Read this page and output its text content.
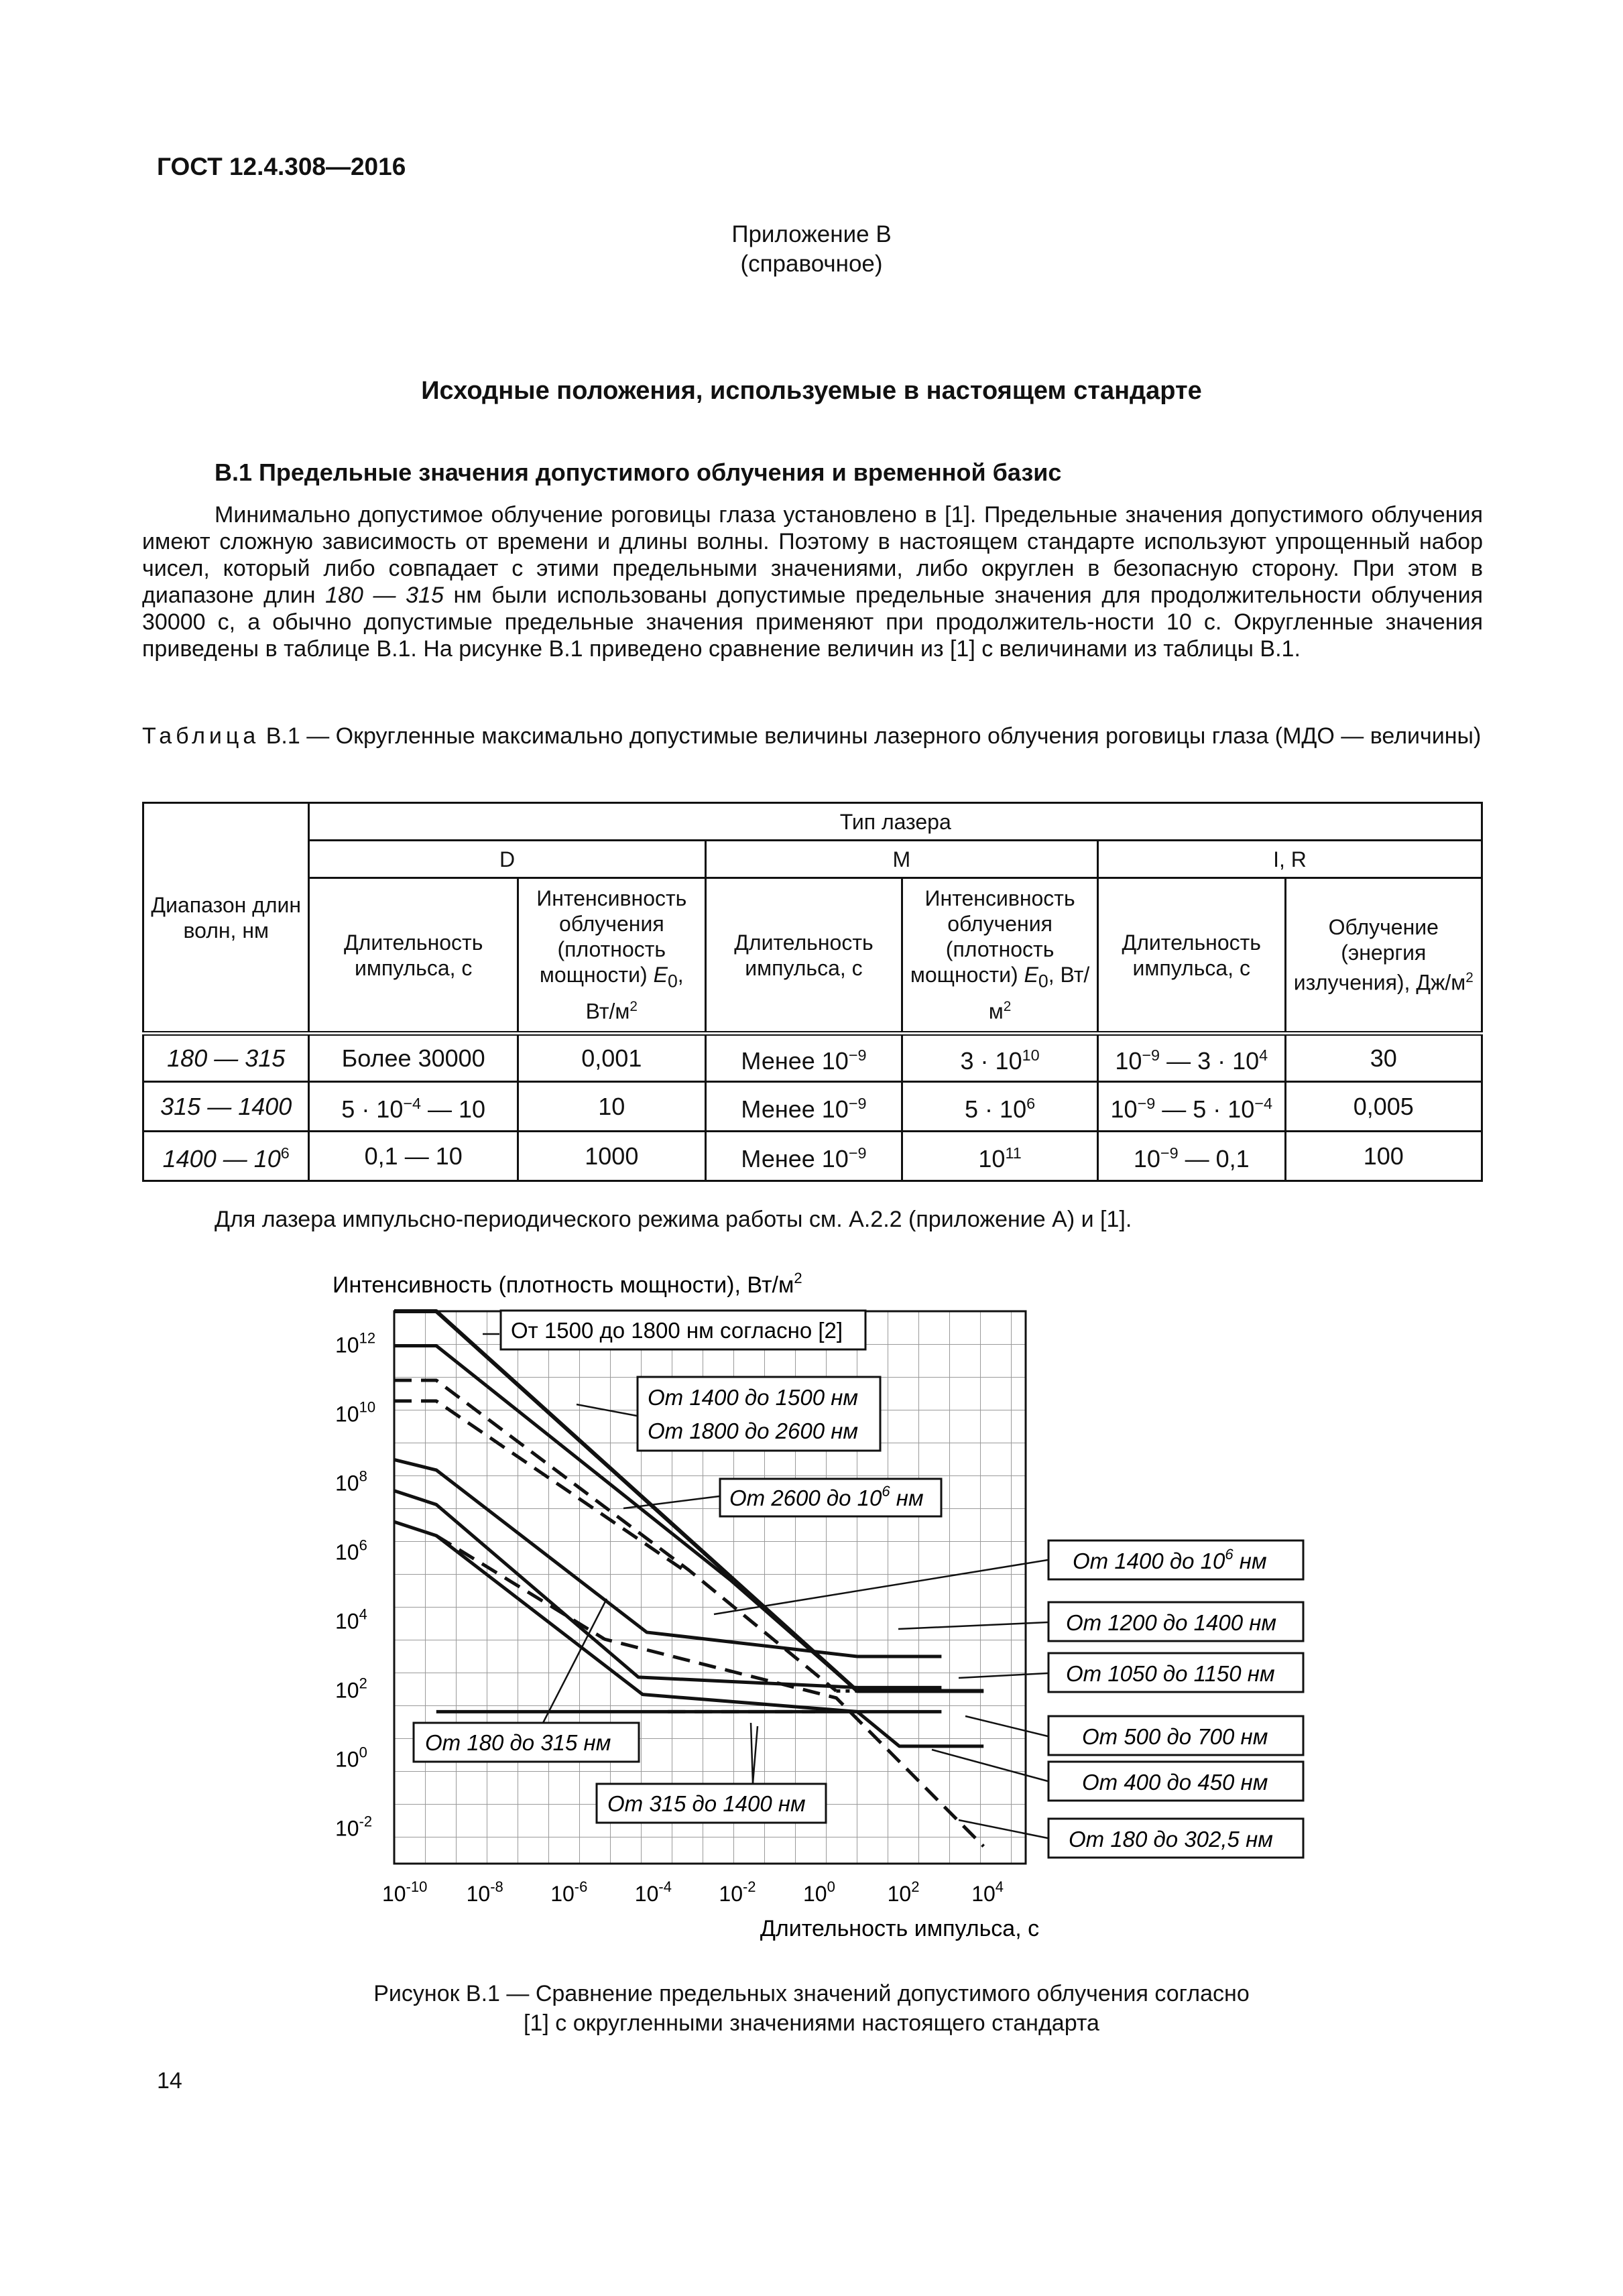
ГОСТ 12.4.308—2016
Приложение В
(справочное)
Исходные положения, используемые в настоящем стандарте
В.1 Предельные значения допустимого облучения и временной базис
Минимально допустимое облучение роговицы глаза установлено в [1]. Предельные значения допустимого облучения имеют сложную зависимость от времени и длины волны. Поэтому в настоящем стандарте используют упрощенный набор чисел, который либо совпадает с этими предельными значениями, либо округлен в безопасную сторону. При этом в диапазоне длин 180 — 315 нм были использованы допустимые предельные значения для продолжительности облучения 30000 с, а обычно допустимые предельные значения применяют при продолжитель-ности 10 с. Округленные значения приведены в таблице В.1. На рисунке В.1 приведено сравнение величин из [1] с величинами из таблицы В.1.
Таблица В.1 — Округленные максимально допустимые величины лазерного облучения роговицы глаза (МДО — величины)
Диапазон длин волн, нм	Тип лазера					
	D		M		I, R	
	Длительность импульса, с	Интенсивность облучения (плотность мощности) $E_0$, $Вт/м^2$	Длительность импульса, с	Интенсивность облучения (плотность мощности) $E_0$, $Вт/м^2$	Длительность импульса, с	Облучение (энергия излучения), $Дж/м^2$
180 — 315	Более 30000	0,001	Менее $10^{-9}$	$3 \cdot 10^{10}$	$10^{-9}$ — $3 \cdot 10^4$	30
315 — 1400	$5 \cdot 10^{-4}$ — 10	10	Менее $10^{-9}$	$5 \cdot 10^6$	$10^{-9}$ — $5 \cdot 10^{-4}$	0,005
1400 — $10^6$	0,1 — 10	1000	Менее $10^{-9}$	$10^{11}$	$10^{-9}$ — 0,1	100
Для лазера импульсно-периодического режима работы см. А.2.2 (приложение А) и [1].
Интенсивность (плотность мощности), $Вт/м^2$
Длительность импульса, с
$10^{12}$
$10^{10}$
$10^8$
$10^6$
$10^4$
$10^2$
$10^0$
$10^{-2}$
$10^{-10}$ $10^{-8}$ $10^{-6}$ $10^{-4}$ $10^{-2}$ $10^0$ $10^2$ $10^4$
От 1500 до 1800 нм согласно [2]
От 1400 до 1500 нм
От 1800 до 2600 нм
От 2600 до $10^6$ нм
От 1400 до $10^6$ нм
От 1200 до 1400 нм
От 1050 до 1150 нм
От 500 до 700 нм
От 400 до 450 нм
От 180 до 302,5 нм
От 180 до 315 нм
От 315 до 1400 нм
Рисунок В.1 — Сравнение предельных значений допустимого облучения согласно
[1] с округленными значениями настоящего стандарта
14
